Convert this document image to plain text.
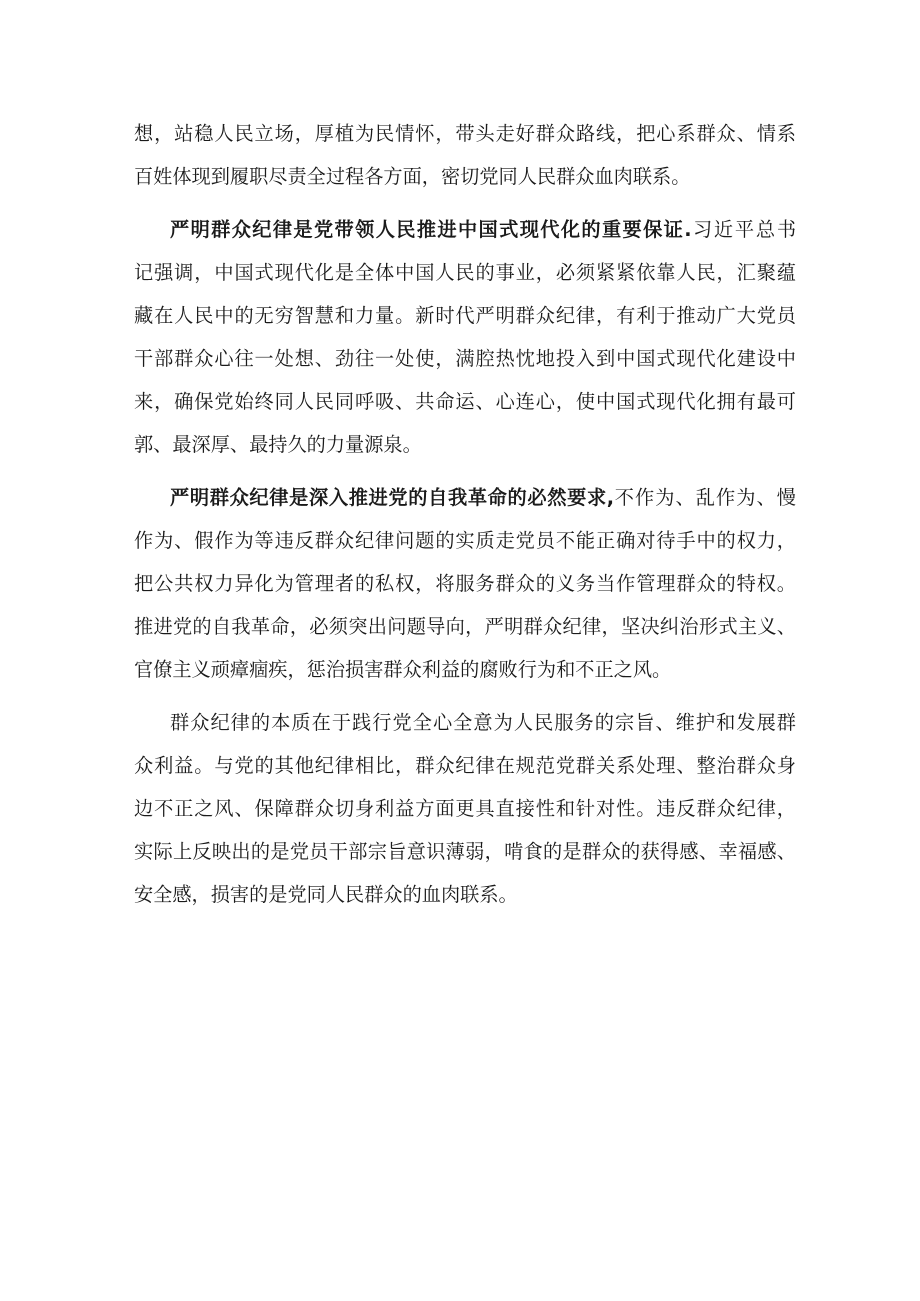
想，站稳人民立场，厚植为民情怀，带头走好群众路线，把心系群众、情系
百姓体现到履职尽责全过程各方面，密切党同人民群众血肉联系。
严明群众纪律是党带领人民推进中国式现代化的重要保证.习近平总书
记强调，中国式现代化是全体中国人民的事业，必须紧紧依靠人民，汇聚蕴
藏在人民中的无穷智慧和力量。新时代严明群众纪律，有利于推动广大党员
干部群众心往一处想、劲往一处使，满腔热忱地投入到中国式现代化建设中
来，确保党始终同人民同呼吸、共命运、心连心，使中国式现代化拥有最可
郭、最深厚、最持久的力量源泉。
严明群众纪律是深入推进党的自我革命的必然要求,不作为、乱作为、慢
作为、假作为等违反群众纪律问题的实质走党员不能正确对待手中的权力，
把公共权力异化为管理者的私权，将服务群众的义务当作管理群众的特权。
推进党的自我革命，必须突出问题导向，严明群众纪律，坚决纠治形式主义、
官僚主义顽瘴痼疾，惩治损害群众利益的腐败行为和不正之风。
群众纪律的本质在于践行党全心全意为人民服务的宗旨、维护和发展群
众利益。与党的其他纪律相比，群众纪律在规范党群关系处理、整治群众身
边不正之风、保障群众切身利益方面更具直接性和针对性。违反群众纪律，
实际上反映出的是党员干部宗旨意识薄弱，啃食的是群众的获得感、幸福感、
安全感，损害的是党同人民群众的血肉联系。
